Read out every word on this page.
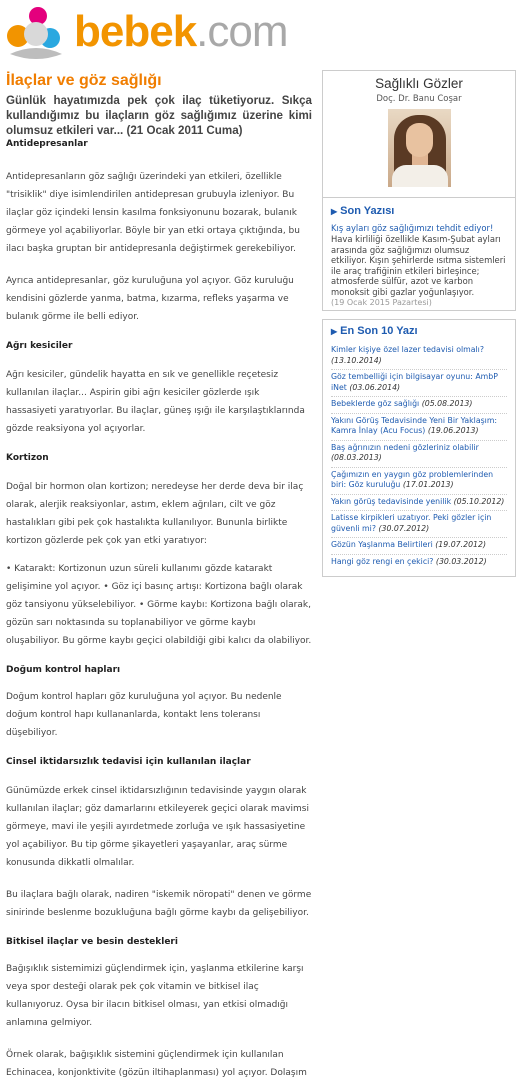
bebek.com
İlaçlar ve göz sağlığı

Günlük hayatımızda pek çok ilaç tüketiyoruz. Sıkça kullandığımız bu ilaçların göz sağlığımız üzerine kimi olumsuz etkileri var... (21 Ocak 2011 Cuma)

Antidepresanlar

Antidepresanların göz sağlığı üzerindeki yan etkileri, özellikle "trisiklik" diye isimlendirilen antidepresan grubuyla izleniyor. Bu ilaçlar göz içindeki lensin kasılma fonksiyonunu bozarak, bulanık görmeye yol açabiliyorlar. Böyle bir yan etki ortaya çıktığında, bu ilacı başka gruptan bir antidepresanla değiştirmek gerekebiliyor.

Ayrıca antidepresanlar, göz kuruluğuna yol açıyor. Göz kuruluğu kendisini gözlerde yanma, batma, kızarma, refleks yaşarma ve bulanık görme ile belli ediyor.

Ağrı kesiciler

Ağrı kesiciler, gündelik hayatta en sık ve genellikle reçetesiz kullanılan ilaçlar... Aspirin gibi ağrı kesiciler gözlerde ışık hassasiyeti yaratıyorlar. Bu ilaçlar, güneş ışığı ile karşılaştıklarında gözde reaksiyona yol açıyorlar.

Kortizon

Doğal bir hormon olan kortizon; neredeyse her derde deva bir ilaç olarak, alerjik reaksiyonlar, astım, eklem ağrıları, cilt ve göz hastalıkları gibi pek çok hastalıkta kullanılıyor. Bununla birlikte kortizon gözlerde pek çok yan etki yaratıyor:

• Katarakt: Kortizonun uzun süreli kullanımı gözde katarakt gelişimine yol açıyor. • Göz içi basınç artışı: Kortizona bağlı olarak göz tansiyonu yükselebiliyor. • Görme kaybı: Kortizona bağlı olarak, gözün sarı noktasında su toplanabiliyor ve görme kaybı oluşabiliyor. Bu görme kaybı geçici olabildiği gibi kalıcı da olabiliyor.

Doğum kontrol hapları

Doğum kontrol hapları göz kuruluğuna yol açıyor. Bu nedenle doğum kontrol hapı kullananlarda, kontakt lens toleransı düşebiliyor.

Cinsel iktidarsızlık tedavisi için kullanılan ilaçlar

Günümüzde erkek cinsel iktidarsızlığının tedavisinde yaygın olarak kullanılan ilaçlar; göz damarlarını etkileyerek geçici olarak mavimsi görmeye, mavi ile yeşili ayırdetmede zorluğa ve ışık hassasiyetine yol açabiliyor. Bu tip görme şikayetleri yaşayanlar, araç sürme konusunda dikkatli olmalılar.

Bu ilaçlara bağlı olarak, nadiren "iskemik nöropati" denen ve görme sinirinde beslenme bozukluğuna bağlı görme kaybı da gelişebiliyor.

Bitkisel ilaçlar ve besin destekleri

Bağışıklık sistemimizi güçlendirmek için, yaşlanma etkilerine karşı veya spor desteği olarak pek çok vitamin ve bitkisel ilaç kullanıyoruz. Oysa bir ilacın bitkisel olması, yan etkisi olmadığı anlamına gelmiyor.

Örnek olarak, bağışıklık sistemini güçlendirmek için kullanılan Echinacea, konjonktivite (gözün iltihaplanması) yol açıyor. Dolaşım

Sağlıklı Gözler
Doç. Dr. Banu Coşar
▶ Son Yazısı
Kış ayları göz sağlığımızı tehdit ediyor!
Hava kirliliği özellikle Kasım-Şubat ayları arasında göz sağlığımızı olumsuz etkiliyor. Kışın şehirlerde ısıtma sistemleri ile araç trafiğinin etkileri birleşince; atmosferde sülfür, azot ve karbon monoksit gibi gazlar yoğunlaşıyor.
(19 Ocak 2015 Pazartesi)
▶ En Son 10 Yazı
Kimler kişiye özel lazer tedavisi olmalı? (13.10.2014)
Göz tembelliği için bilgisayar oyunu: AmbP iNet (03.06.2014)
Bebeklerde göz sağlığı (05.08.2013)
Yakını Görüş Tedavisinde Yeni Bir Yaklaşım: Kamra İnlay (Acu Focus) (19.06.2013)
Baş ağrınızın nedeni gözleriniz olabilir (08.03.2013)
Çağımızın en yaygın göz problemlerinden biri: Göz kuruluğu (17.01.2013)
Yakın görüş tedavisinde yenilik (05.10.2012)
Latisse kirpikleri uzatıyor. Peki gözler için güvenli mi? (30.07.2012)
Gözün Yaşlanma Belirtileri (19.07.2012)
Hangi göz rengi en çekici? (30.03.2012)
